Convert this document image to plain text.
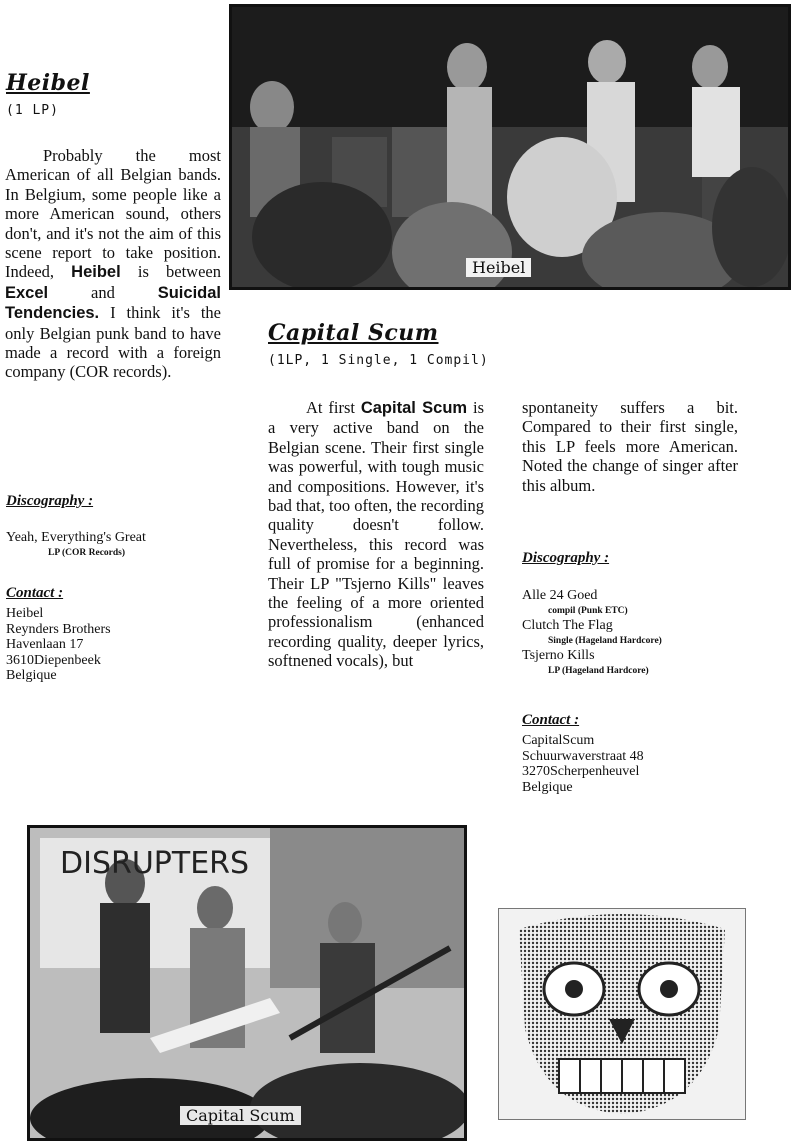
Heibel
(1 LP)

Probably the most American of all Belgian bands. In Belgium, some people like a more American sound, others don't, and it's not the aim of this scene report to take position. Indeed, Heibel is between Excel and Suicidal Tendencies. I think it's the only Belgian punk band to have made a record with a foreign company (COR records).

Discography :
Yeah, Everything's Great
LP (COR Records)
Contact :
Heibel
Reynders Brothers
Havenlaan 17
3610Diepenbeek
Belgique
Heibel
Capital Scum
(1LP, 1 Single, 1 Compil)

At first Capital Scum is a very active band on the Belgian scene. Their first single was powerful, with tough music and compositions. However, it's bad that, too often, the recording quality doesn't follow. Nevertheless, this record was full of promise for a beginning. Their LP "Tsjerno Kills" leaves the feeling of a more oriented professionalism (enhanced recording quality, deeper lyrics, softnened vocals), but

spontaneity suffers a bit. Compared to their first single, this LP feels more American. Noted the change of singer after this album.

Discography :
Alle 24 Goed
compil (Punk ETC)
Clutch The Flag
Single (Hageland Hardcore)
Tsjerno Kills
LP (Hageland Hardcore)
Contact :
CapitalScum
Schuurwaverstraat 48
3270Scherpenheuvel
Belgique
DISRUPTERS
Capital Scum
